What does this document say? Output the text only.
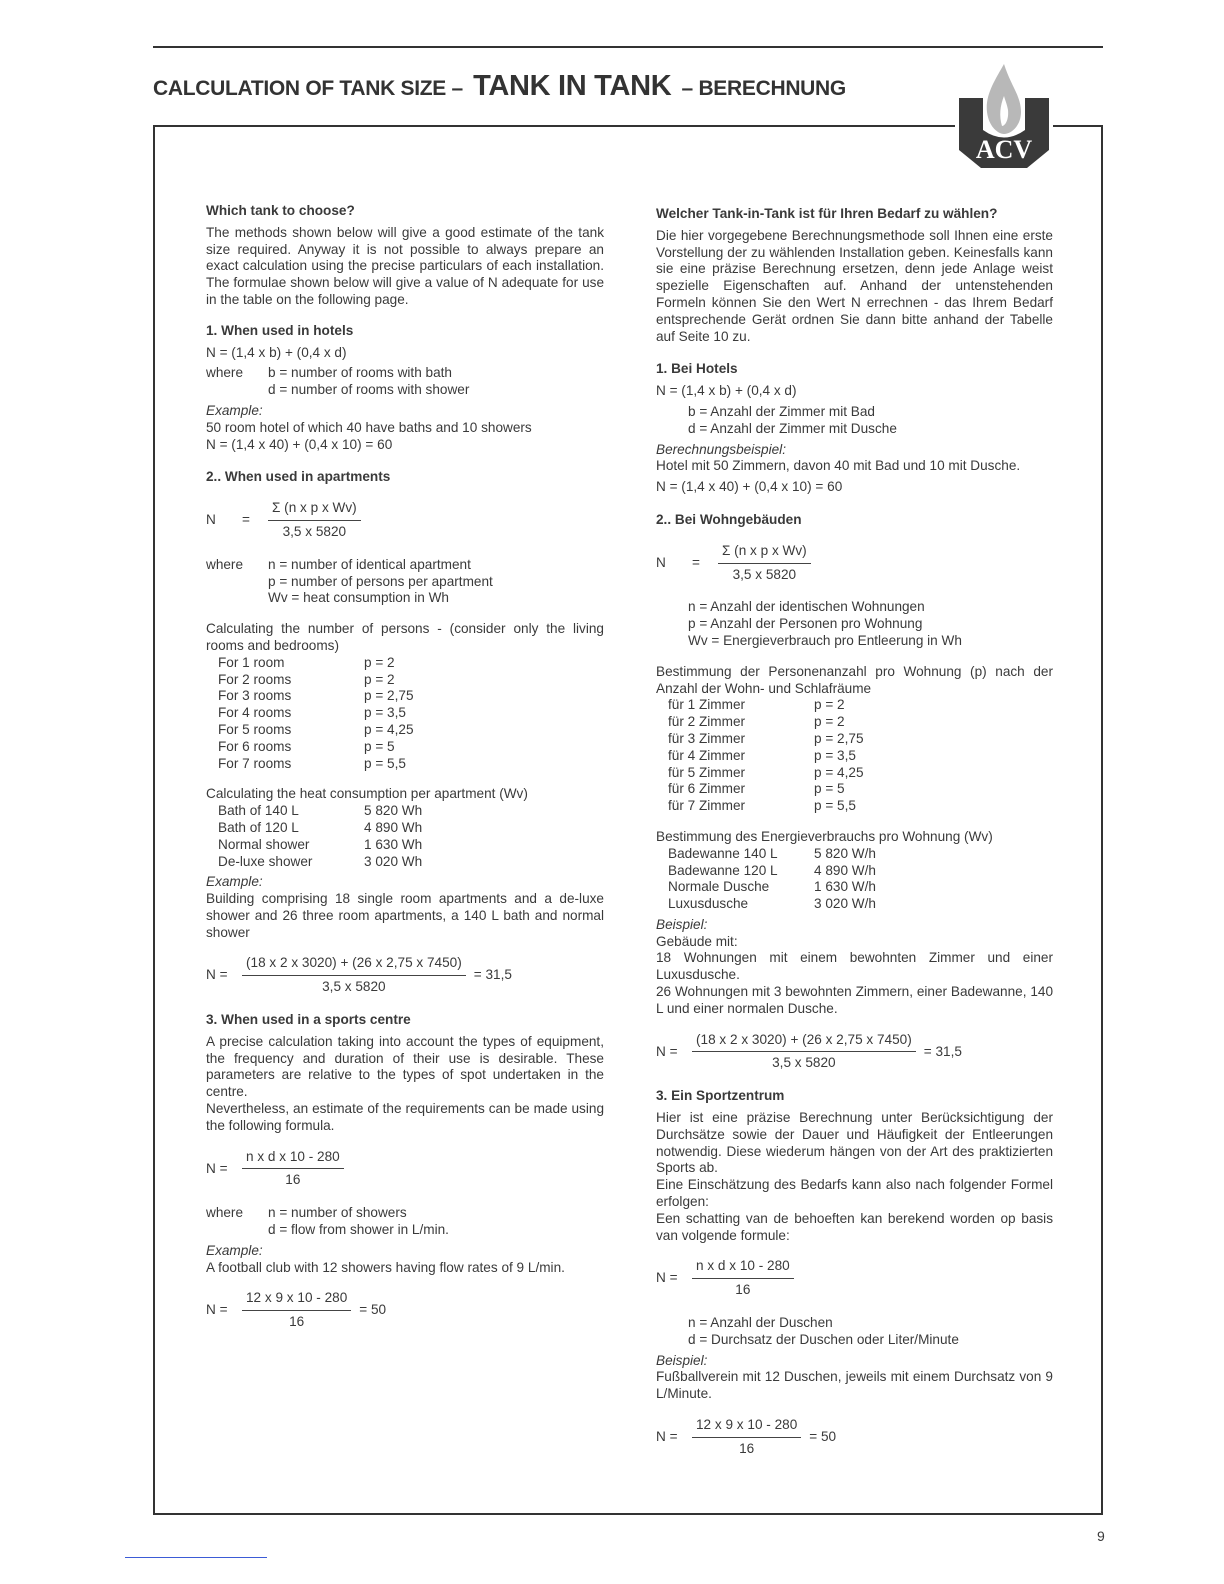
CALCULATION OF TANK SIZE – TANK IN TANK – BERECHNUNG
ACV
Which tank to choose?
The methods shown below will give a good estimate of the tank size required. Anyway it is not possible to always prepare an exact calculation using the precise particulars of each installation. The formulae shown below will give a value of N adequate for use in the table on the following page.
1. When used in hotels
N = (1,4 x b) + (0,4 x d)
where	b = number of rooms with bath
d = number of rooms with shower
Example:
50 room hotel of which 40 have baths and 10 showers
N = (1,4 x 40) + (0,4 x 10) = 60
2.. When used in apartments
N	=	$\frac{\text{Σ (n x p x Wv)}}{3,5 x 5820}$
where	n = number of identical apartment
p = number of persons per apartment
Wv = heat consumption in Wh
Calculating the number of persons - (consider only the living rooms and bedrooms)
For 1 room	p = 2
For 2 rooms	p = 2
For 3 rooms	p = 2,75
For 4 rooms	p = 3,5
For 5 rooms	p = 4,25
For 6 rooms	p = 5
For 7 rooms	p = 5,5
Calculating the heat consumption per apartment (Wv)
Bath of 140 L	5 820 Wh
Bath of 120 L	4 890 Wh
Normal shower	1 630 Wh
De-luxe shower	3 020 Wh
Example:
Building comprising 18 single room apartments and a de-luxe shower and 26 three room apartments, a 140 L bath and normal shower
N =	$\frac{(18 x 2 x 3020) + (26 x 2,75 x 7450)}{3,5 x 5820} = 31,5$
3. When used in a sports centre
A precise calculation taking into account the types of equipment, the frequency and duration of their use is desirable. These parameters are relative to the types of spot undertaken in the centre.
Nevertheless, an estimate of the requirements can be made using the following formula.
N =	$\frac{\text{n x d x 10 - 280}}{16}$
where	n = number of showers
d = flow from shower in L/min.
Example:
A football club with 12 showers having flow rates of 9 L/min.
N =	$\frac{12 x 9 x 10 - 280}{16} = 50$
Welcher Tank-in-Tank ist für Ihren Bedarf zu wählen?
Die hier vorgegebene Berechnungsmethode soll Ihnen eine erste Vorstellung der zu wählenden Installation geben. Keinesfalls kann sie eine präzise Berechnung ersetzen, denn jede Anlage weist spezielle Eigenschaften auf. Anhand der untenstehenden Formeln können Sie den Wert N errechnen - das Ihrem Bedarf entsprechende Gerät ordnen Sie dann bitte anhand der Tabelle auf Seite 10 zu.
1. Bei Hotels
N = (1,4 x b) + (0,4 x d)
b = Anzahl der Zimmer mit Bad
d = Anzahl der Zimmer mit Dusche
Berechnungsbeispiel:
Hotel mit 50 Zimmern, davon 40 mit Bad und 10 mit Dusche.
N = (1,4 x 40) + (0,4 x 10) = 60
2.. Bei Wohngebäuden
N	=	$\frac{\text{Σ (n x p x Wv)}}{3,5 x 5820}$
n = Anzahl der identischen Wohnungen
p = Anzahl der Personen pro Wohnung
Wv = Energieverbrauch pro Entleerung in Wh
Bestimmung der Personenanzahl pro Wohnung (p) nach der Anzahl der Wohn- und Schlafräume
für 1 Zimmer	p = 2
für 2 Zimmer	p = 2
für 3 Zimmer	p = 2,75
für 4 Zimmer	p = 3,5
für 5 Zimmer	p = 4,25
für 6 Zimmer	p = 5
für 7 Zimmer	p = 5,5
Bestimmung des Energieverbrauchs pro Wohnung (Wv)
Badewanne 140 L	5 820 W/h
Badewanne 120 L	4 890 W/h
Normale Dusche	1 630 W/h
Luxusdusche	3 020 W/h
Beispiel:
Gebäude mit:
18 Wohnungen mit einem bewohnten Zimmer und einer Luxusdusche.
26 Wohnungen mit 3 bewohnten Zimmern, einer Badewanne, 140 L und einer normalen Dusche.
N =	$\frac{(18 x 2 x 3020) + (26 x 2,75 x 7450)}{3,5 x 5820} = 31,5$
3. Ein Sportzentrum
Hier ist eine präzise Berechnung unter Berücksichtigung der Durchsätze sowie der Dauer und Häufigkeit der Entleerungen notwendig. Diese wiederum hängen von der Art des praktizierten Sports ab.
Eine Einschätzung des Bedarfs kann also nach folgender Formel erfolgen:
Een schatting van de behoeften kan berekend worden op basis van volgende formule:
N =	$\frac{\text{n x d x 10 - 280}}{16}$
n = Anzahl der Duschen
d = Durchsatz der Duschen oder Liter/Minute
Beispiel:
Fußballverein mit 12 Duschen, jeweils mit einem Durchsatz von 9 L/Minute.
N =	$\frac{12 x 9 x 10 - 280}{16} = 50$
9
